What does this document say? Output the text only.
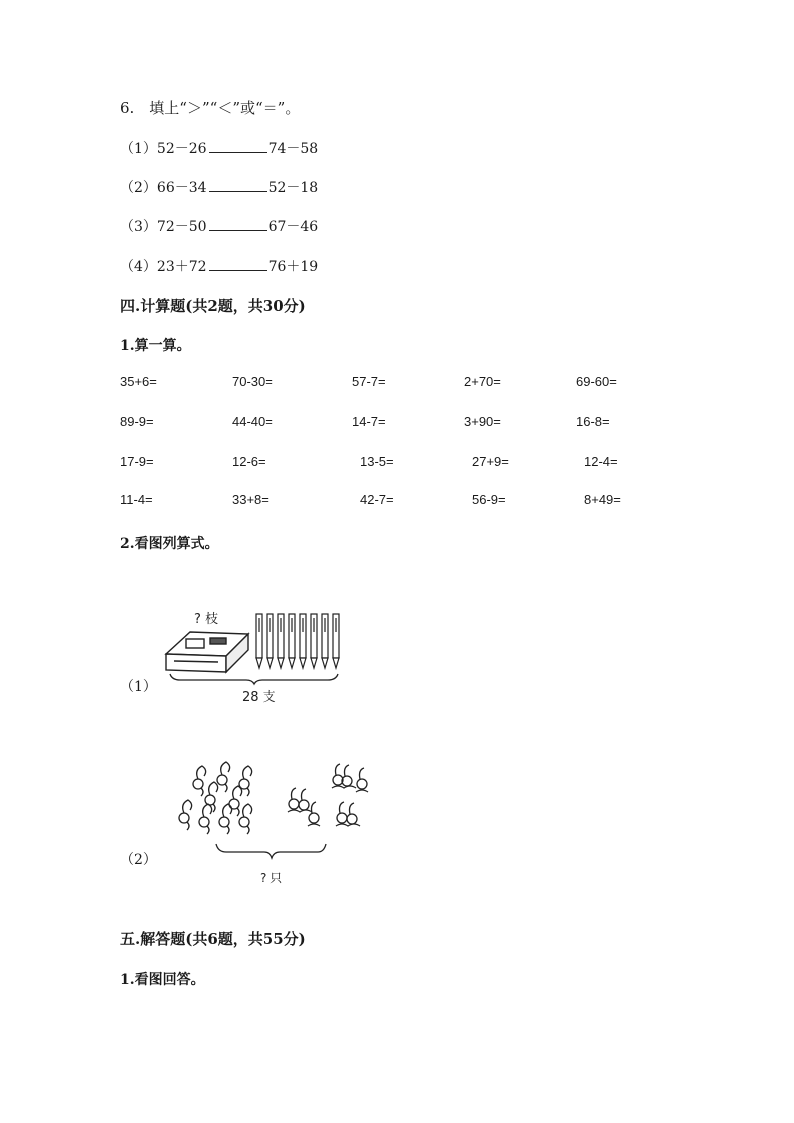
6.　填上“＞”“＜”或“＝”。
（1）52－26	74－58
（2）66－34	52－18
（3）72－50	67－46
（4）23＋72	76＋19
四.计算题(共2题，共30分)
1.算一算。
35+6=	70-30=	57-7=	2+70=	69-60=
89-9=	44-40=	14-7=	3+90=	16-8=
17-9=	12-6=	13-5=	27+9=	12-4=
11-4=	33+8=	42-7=	56-9=	8+49=
2.看图列算式。
（1）
? 枝
28 支
（2）
? 只
五.解答题(共6题，共55分)
1.看图回答。
